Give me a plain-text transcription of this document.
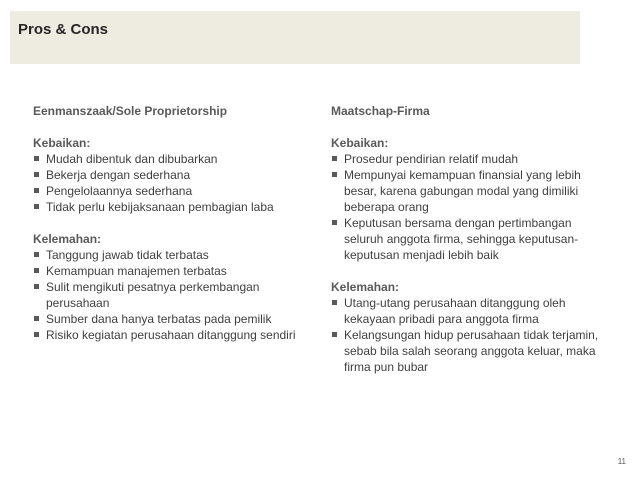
Pros & Cons
Eenmanszaak/Sole Proprietorship
Kebaikan:
Mudah dibentuk dan dibubarkan
Bekerja dengan sederhana
Pengelolaannya sederhana
Tidak perlu kebijaksanaan pembagian laba
Kelemahan:
Tanggung jawab tidak terbatas
Kemampuan manajemen terbatas
Sulit mengikuti pesatnya perkembangan perusahaan
Sumber dana hanya terbatas pada pemilik
Risiko kegiatan perusahaan ditanggung sendiri
Maatschap-Firma
Kebaikan:
Prosedur pendirian relatif mudah
Mempunyai kemampuan finansial yang lebih besar, karena gabungan modal yang dimiliki beberapa orang
Keputusan bersama dengan pertimbangan seluruh anggota firma, sehingga keputusan-keputusan menjadi lebih baik
Kelemahan:
Utang-utang perusahaan ditanggung oleh kekayaan pribadi para anggota firma
Kelangsungan hidup perusahaan tidak terjamin, sebab bila salah seorang anggota keluar, maka firma pun bubar
11
